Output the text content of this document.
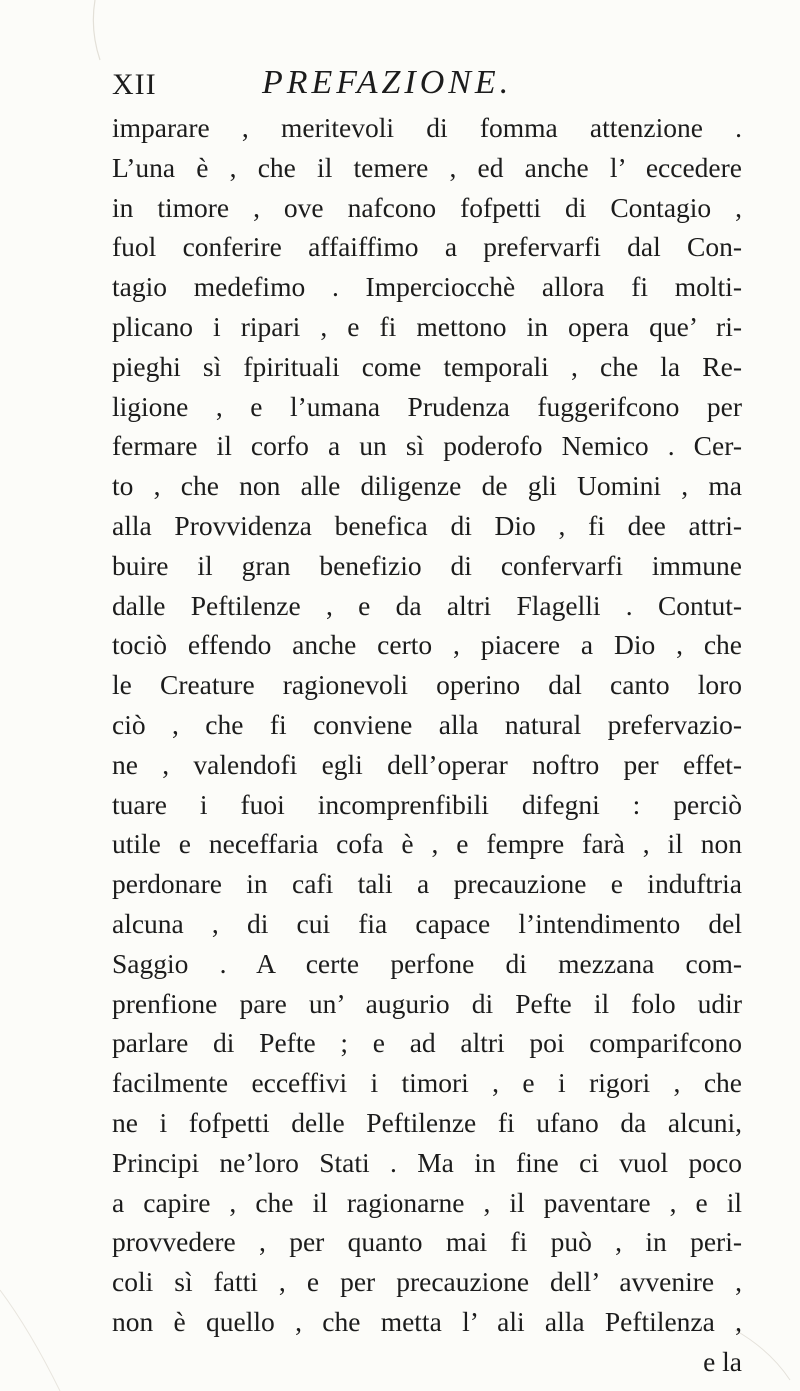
XII	PREFAZIONE.
imparare , meritevoli di fomma attenzione .
L’una è , che il temere , ed anche l’ eccedere
in timore , ove nafcono fofpetti di Contagio ,
fuol conferire affaiffimo a prefervarfi dal Con-
tagio medefimo . Imperciocchè allora fi molti-
plicano i ripari , e fi mettono in opera que’ ri-
pieghi sì fpirituali come temporali , che la Re-
ligione , e l’umana Prudenza fuggerifcono per
fermare il corfo a un sì poderofo Nemico . Cer-
to , che non alle diligenze de gli Uomini , ma
alla Provvidenza benefica di Dio , fi dee attri-
buire il gran benefizio di confervarfi immune
dalle Peftilenze , e da altri Flagelli . Contut-
tociò effendo anche certo , piacere a Dio , che
le Creature ragionevoli operino dal canto loro
ciò , che fi conviene alla natural prefervazio-
ne , valendofi egli dell’operar noftro per effet-
tuare i fuoi incomprenfibili difegni : perciò
utile e neceffaria cofa è , e fempre farà , il non
perdonare in cafi tali a precauzione e induftria
alcuna , di cui fia capace l’intendimento del
Saggio . A certe perfone di mezzana com-
prenfione pare un’ augurio di Pefte il folo udir
parlare di Pefte ; e ad altri poi comparifcono
facilmente ecceffivi i timori , e i rigori , che
ne i fofpetti delle Peftilenze fi ufano da alcuni,
Principi ne’loro Stati . Ma in fine ci vuol poco
a capire , che il ragionarne , il paventare , e il
provvedere , per quanto mai fi può , in peri-
coli sì fatti , e per precauzione dell’ avvenire ,
non è quello , che metta l’ ali alla Peftilenza ,
e la
